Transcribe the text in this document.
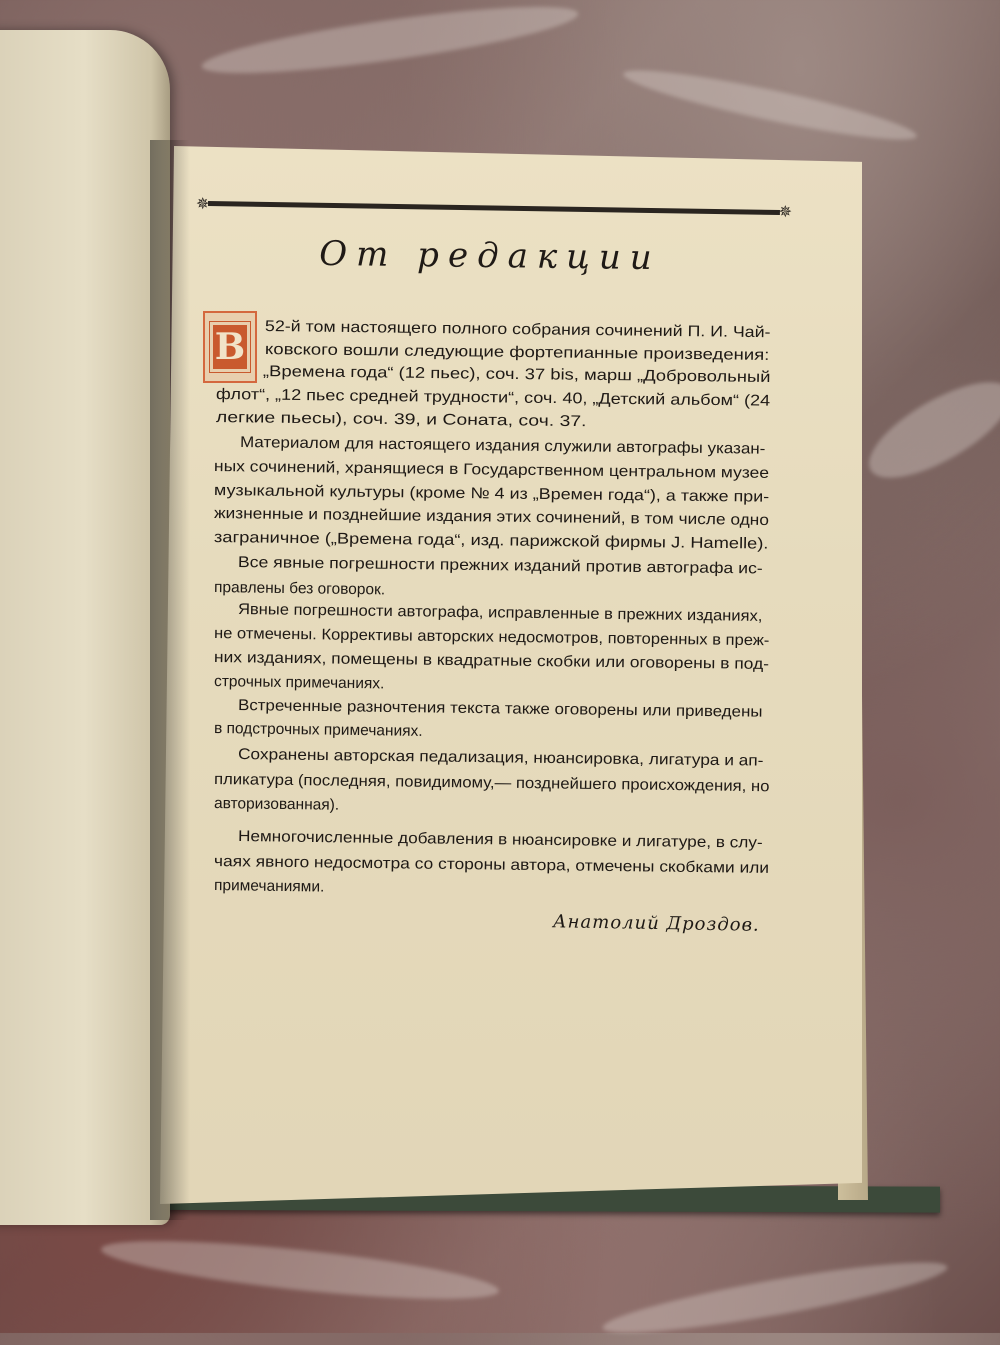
✵	✵
От редакции
В 52-й том настоящего полного собрания сочинений П. И. Чай-
ковского вошли следующие фортепианные произведения:
„Времена года“ (12 пьес), соч. 37 bis, марш „Добровольный
флот“, „12 пьес средней трудности“, соч. 40, „Детский альбом“ (24
легкие пьесы), соч. 39, и Соната, соч. 37.
Материалом для настоящего издания служили автографы указан-
ных сочинений, хранящиеся в Государственном центральном музее
музыкальной культуры (кроме № 4 из „Времен года“), а также при-
жизненные и позднейшие издания этих сочинений, в том числе одно
заграничное („Времена года“, изд. парижской фирмы J. Hamelle).
Все явные погрешности прежних изданий против автографа ис-
правлены без оговорок.
Явные погрешности автографа, исправленные в прежних изданиях,
не отмечены. Коррективы авторских недосмотров, повторенных в преж-
них изданиях, помещены в квадратные скобки или оговорены в под-
строчных примечаниях.
Встреченные разночтения текста также оговорены или приведены
в подстрочных примечаниях.
Сохранены авторская педализация, нюансировка, лигатура и ап-
пликатура (последняя, повидимому,— позднейшего происхождения, но
авторизованная).
Немногочисленные добавления в нюансировке и лигатуре, в слу-
чаях явного недосмотра со стороны автора, отмечены скобками или
примечаниями.
Анатолий Дроздов.
